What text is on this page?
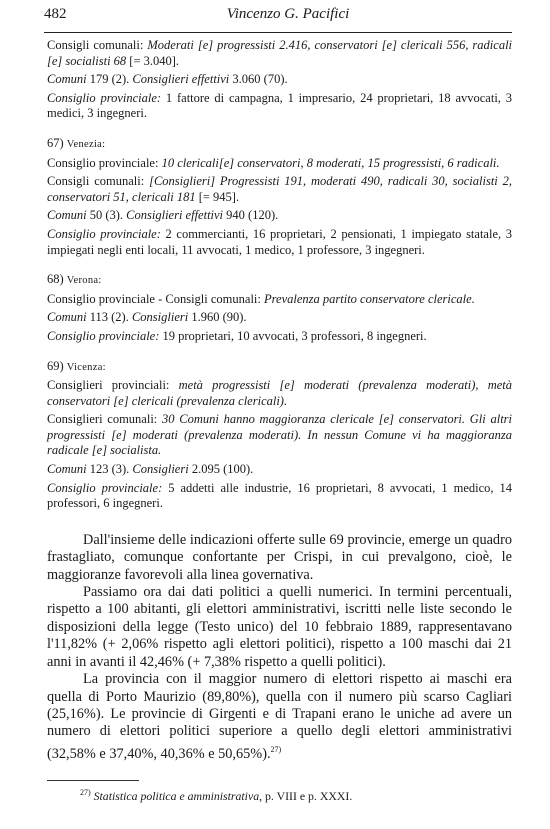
482	Vincenzo G. Pacifici

Consigli comunali: Moderati [e] progressisti 2.416, conservatori [e] clericali 556, radicali [e] socialisti 68 [= 3.040].

Comuni 179 (2). Consiglieri effettivi 3.060 (70).

Consiglio provinciale: 1 fattore di campagna, 1 impresario, 24 proprietari, 18 avvocati, 3 medici, 3 ingegneri.

67) Venezia:

Consiglio provinciale: 10 clericali[e] conservatori, 8 moderati, 15 progressisti, 6 radicali.

Consigli comunali: [Consiglieri] Progressisti 191, moderati 490, radicali 30, socialisti 2, conservatori 51, clericali 181 [= 945].

Comuni 50 (3). Consiglieri effettivi 940 (120).

Consiglio provinciale: 2 commercianti, 16 proprietari, 2 pensionati, 1 impiegato statale, 3 impiegati negli enti locali, 11 avvocati, 1 medico, 1 professore, 3 ingegneri.

68) Verona:

Consiglio provinciale - Consigli comunali: Prevalenza partito conservatore clericale.

Comuni 113 (2). Consiglieri 1.960 (90).

Consiglio provinciale: 19 proprietari, 10 avvocati, 3 professori, 8 ingegneri.

69) Vicenza:

Consiglieri provinciali: metà progressisti [e] moderati (prevalenza moderati), metà conservatori [e] clericali (prevalenza clericali).

Consiglieri comunali: 30 Comuni hanno maggioranza clericale [e] conservatori. Gli altri progressisti [e] moderati (prevalenza moderati). In nessun Comune vi ha maggioranza radicale [e] socialista.

Comuni 123 (3). Consiglieri 2.095 (100).

Consiglio provinciale: 5 addetti alle industrie, 16 proprietari, 8 avvocati, 1 medico, 14 professori, 6 ingegneri.

Dall'insieme delle indicazioni offerte sulle 69 provincie, emerge un quadro frastagliato, comunque confortante per Crispi, in cui prevalgono, cioè, le maggioranze favorevoli alla linea governativa.

Passiamo ora dai dati politici a quelli numerici. In termini percentuali, rispetto a 100 abitanti, gli elettori amministrativi, iscritti nelle liste secondo le disposizioni della legge (Testo unico) del 10 febbraio 1889, rappresentavano l'11,82% (+ 2,06% rispetto agli elettori politici), rispetto a 100 maschi dai 21 anni in avanti il 42,46% (+ 7,38% rispetto a quelli politici).

La provincia con il maggior numero di elettori rispetto ai maschi era quella di Porto Maurizio (89,80%), quella con il numero più scarso Cagliari (25,16%). Le provincie di Girgenti e di Trapani erano le uniche ad avere un numero di elettori politici superiore a quello degli elettori amministrativi (32,58% e 37,40%, 40,36% e 50,65%).$^{27)}$

$^{27)}$ Statistica politica e amministrativa, p. VIII e p. XXXI.
